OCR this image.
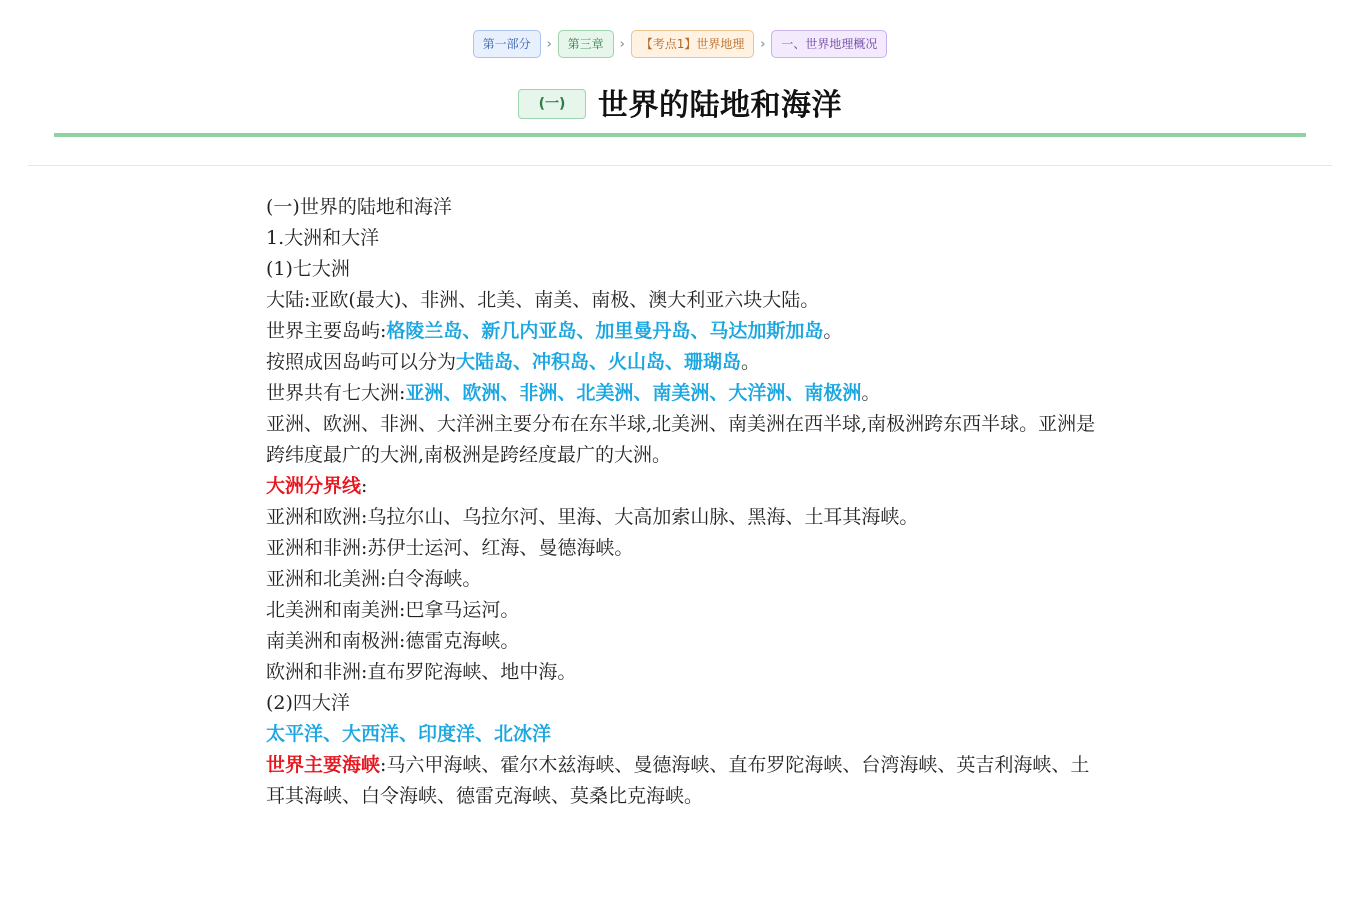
第一部分	›	第三章	›	【考点1】世界地理	›	一、世界地理概况
(一)	世界的陆地和海洋
(一)世界的陆地和海洋
1.大洲和大洋
(1)七大洲
大陆:亚欧(最大)、非洲、北美、南美、南极、澳大利亚六块大陆。
世界主要岛屿:格陵兰岛、新几内亚岛、加里曼丹岛、马达加斯加岛。
按照成因岛屿可以分为大陆岛、冲积岛、火山岛、珊瑚岛。
世界共有七大洲:亚洲、欧洲、非洲、北美洲、南美洲、大洋洲、南极洲。
亚洲、欧洲、非洲、大洋洲主要分布在东半球,北美洲、南美洲在西半球,南极洲跨东西半球。亚洲是跨纬度最广的大洲,南极洲是跨经度最广的大洲。
大洲分界线:
亚洲和欧洲:乌拉尔山、乌拉尔河、里海、大高加索山脉、黑海、土耳其海峡。
亚洲和非洲:苏伊士运河、红海、曼德海峡。
亚洲和北美洲:白令海峡。
北美洲和南美洲:巴拿马运河。
南美洲和南极洲:德雷克海峡。
欧洲和非洲:直布罗陀海峡、地中海。
(2)四大洋
太平洋、大西洋、印度洋、北冰洋
世界主要海峡:马六甲海峡、霍尔木兹海峡、曼德海峡、直布罗陀海峡、台湾海峡、英吉利海峡、土耳其海峡、白令海峡、德雷克海峡、莫桑比克海峡。
